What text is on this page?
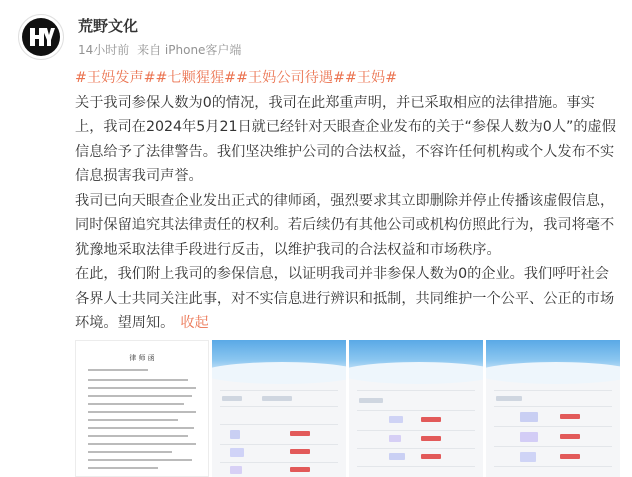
荒野文化
14小时前 来自 iPhone客户端
#王妈发声##七颗猩猩##王妈公司待遇##王妈#
关于我司参保人数为0的情况，我司在此郑重声明，并已采取相应的法律措施。事实上，我司在2024年5月21日就已经针对天眼查企业发布的关于“参保人数为0人”的虚假信息给予了法律警告。我们坚决维护公司的合法权益，不容许任何机构或个人发布不实信息损害我司声誉。
我司已向天眼查企业发出正式的律师函，强烈要求其立即删除并停止传播该虚假信息，同时保留追究其法律责任的权利。若后续仍有其他公司或机构仿照此行为，我司将毫不犹豫地采取法律手段进行反击，以维护我司的合法权益和市场秩序。
在此，我们附上我司的参保信息，以证明我司并非参保人数为0的企业。我们呼吁社会各界人士共同关注此事，对不实信息进行辨识和抵制，共同维护一个公平、公正的市场环境。望周知。 收起
律 师 函
